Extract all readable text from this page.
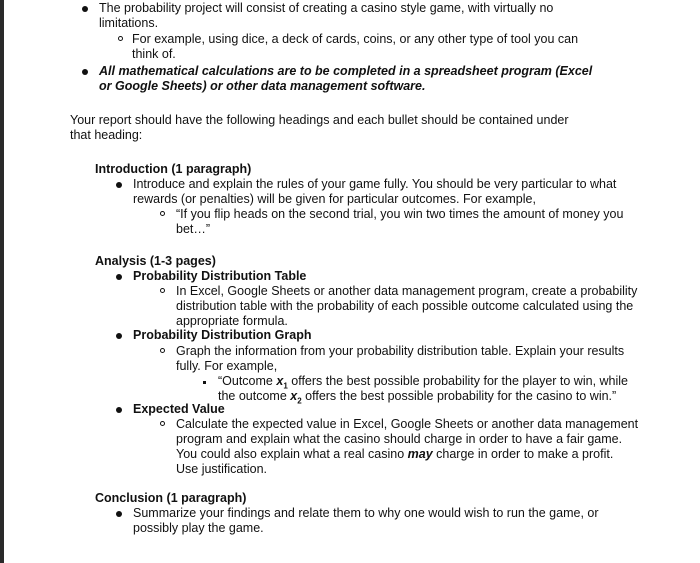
The probability project will consist of creating a casino style game, with virtually no

limitations.

For example, using dice, a deck of cards, coins, or any other type of tool you can

think of.

All mathematical calculations are to be completed in a spreadsheet program (Excel

or Google Sheets) or other data management software.

Your report should have the following headings and each bullet should be contained under

that heading:

Introduction (1 paragraph)

Introduce and explain the rules of your game fully. You should be very particular to what

rewards (or penalties) will be given for particular outcomes. For example,

“If you flip heads on the second trial, you win two times the amount of money you

bet…”

Analysis (1-3 pages)

Probability Distribution Table

In Excel, Google Sheets or another data management program, create a probability

distribution table with the probability of each possible outcome calculated using the

appropriate formula.

Probability Distribution Graph

Graph the information from your probability distribution table. Explain your results

fully. For example,

“Outcome $x_1$ offers the best possible probability for the player to win, while

the outcome $x_2$ offers the best possible probability for the casino to win.”

Expected Value

Calculate the expected value in Excel, Google Sheets or another data management

program and explain what the casino should charge in order to have a fair game.

You could also explain what a real casino may charge in order to make a profit.

Use justification.

Conclusion (1 paragraph)

Summarize your findings and relate them to why one would wish to run the game, or

possibly play the game.
